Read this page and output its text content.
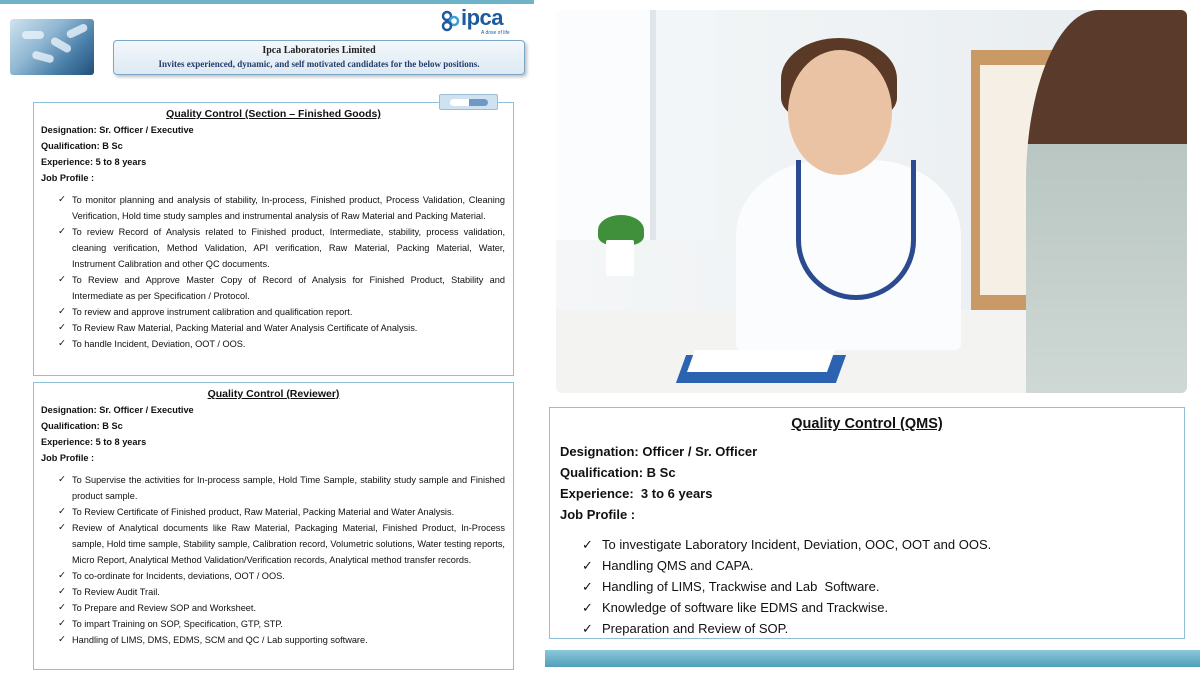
ipca
A dose of life
Ipca Laboratories Limited
Invites experienced, dynamic, and self motivated candidates for the below positions.
Quality Control (Section – Finished Goods)
Designation: Sr. Officer / Executive
Qualification: B Sc
Experience: 5 to 8 years
Job Profile :
✓ To monitor planning and analysis of stability, In-process, Finished product, Process Validation, Cleaning Verification, Hold time study samples and instrumental analysis of Raw Material and Packing Material.
✓ To review Record of Analysis related to Finished product, Intermediate, stability, process validation, cleaning verification, Method Validation, API verification, Raw Material, Packing Material, Water, Instrument Calibration and other QC documents.
✓ To Review and Approve Master Copy of Record of Analysis for Finished Product, Stability and Intermediate as per Specification / Protocol.
✓ To review and approve instrument calibration and qualification report.
✓ To Review Raw Material, Packing Material and Water Analysis Certificate of Analysis.
✓ To handle Incident, Deviation, OOT / OOS.
Quality Control (Reviewer)
Designation: Sr. Officer / Executive
Qualification: B Sc
Experience: 5 to 8 years
Job Profile :
✓ To Supervise the activities for In-process sample, Hold Time Sample, stability study sample and Finished product sample.
✓ To Review Certificate of Finished product, Raw Material, Packing Material and Water Analysis.
✓ Review of Analytical documents like Raw Material, Packaging Material, Finished Product, In-Process sample, Hold time sample, Stability sample, Calibration record, Volumetric solutions, Water testing reports, Micro Report, Analytical Method Validation/Verification records, Analytical method transfer records.
✓ To co-ordinate for Incidents, deviations, OOT / OOS.
✓ To Review Audit Trail.
✓ To Prepare and Review SOP and Worksheet.
✓ To impart Training on SOP, Specification, GTP, STP.
✓ Handling of LIMS, DMS, EDMS, SCM and QC / Lab supporting software.
Quality Control (QMS)
Designation: Officer / Sr. Officer
Qualification: B Sc
Experience:  3 to 6 years
Job Profile :
✓ To investigate Laboratory Incident, Deviation, OOC, OOT and OOS.
✓ Handling QMS and CAPA.
✓ Handling of LIMS, Trackwise and Lab  Software.
✓ Knowledge of software like EDMS and Trackwise.
✓ Preparation and Review of SOP.
